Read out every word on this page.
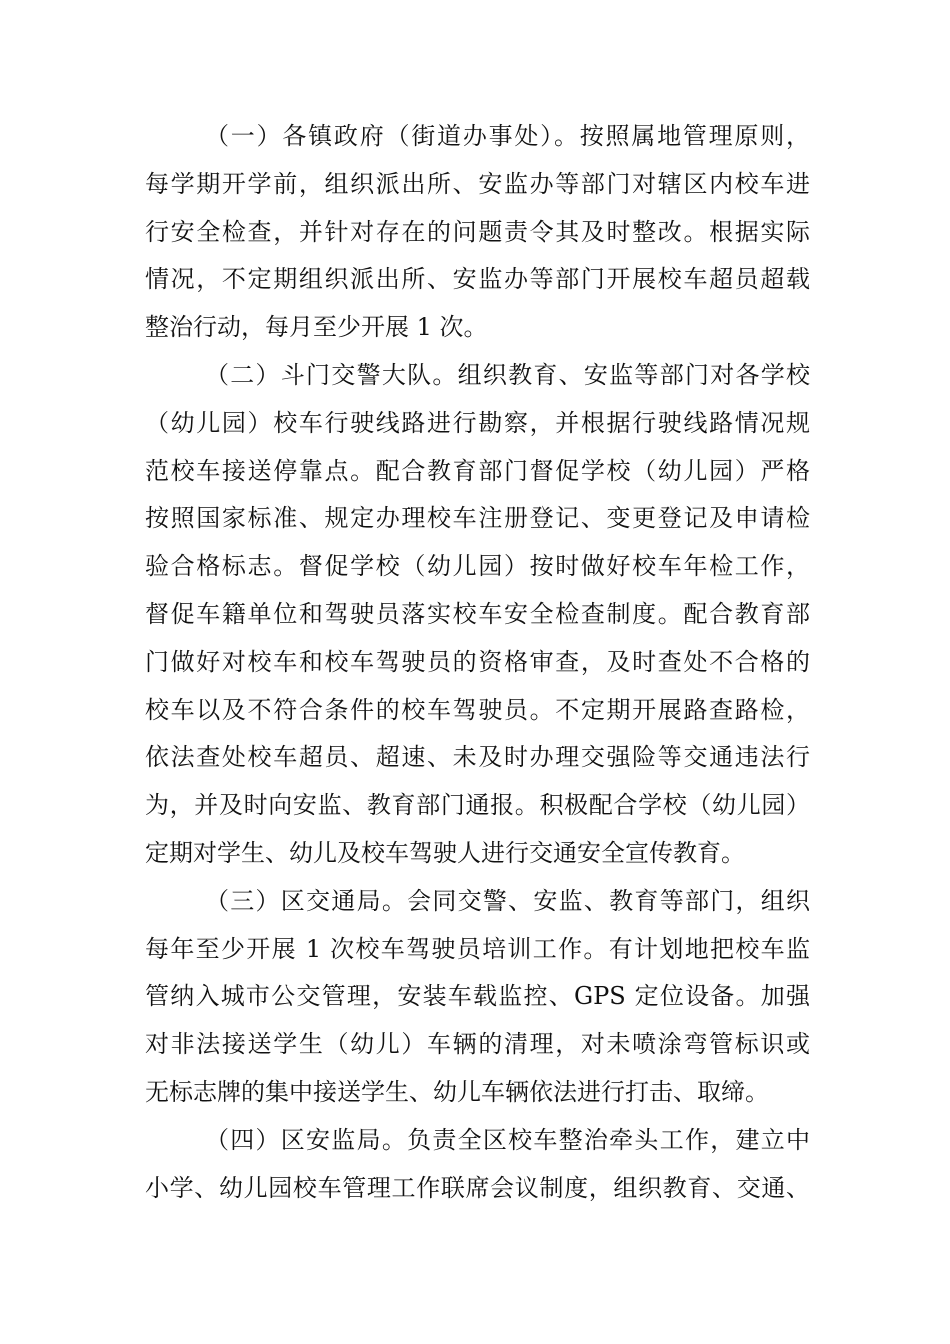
（一）各镇政府（街道办事处）。按照属地管理原则，
每学期开学前，组织派出所、安监办等部门对辖区内校车进
行安全检查，并针对存在的问题责令其及时整改。根据实际
情况，不定期组织派出所、安监办等部门开展校车超员超载
整治行动，每月至少开展 1 次。
（二）斗门交警大队。组织教育、安监等部门对各学校
（幼儿园）校车行驶线路进行勘察，并根据行驶线路情况规
范校车接送停靠点。配合教育部门督促学校（幼儿园）严格
按照国家标准、规定办理校车注册登记、变更登记及申请检
验合格标志。督促学校（幼儿园）按时做好校车年检工作，
督促车籍单位和驾驶员落实校车安全检查制度。配合教育部
门做好对校车和校车驾驶员的资格审查，及时查处不合格的
校车以及不符合条件的校车驾驶员。不定期开展路查路检，
依法查处校车超员、超速、未及时办理交强险等交通违法行
为，并及时向安监、教育部门通报。积极配合学校（幼儿园）
定期对学生、幼儿及校车驾驶人进行交通安全宣传教育。
（三）区交通局。会同交警、安监、教育等部门，组织
每年至少开展 1 次校车驾驶员培训工作。有计划地把校车监
管纳入城市公交管理，安装车载监控、GPS 定位设备。加强
对非法接送学生（幼儿）车辆的清理，对未喷涂弯管标识或
无标志牌的集中接送学生、幼儿车辆依法进行打击、取缔。
（四）区安监局。负责全区校车整治牵头工作，建立中
小学、幼儿园校车管理工作联席会议制度，组织教育、交通、
